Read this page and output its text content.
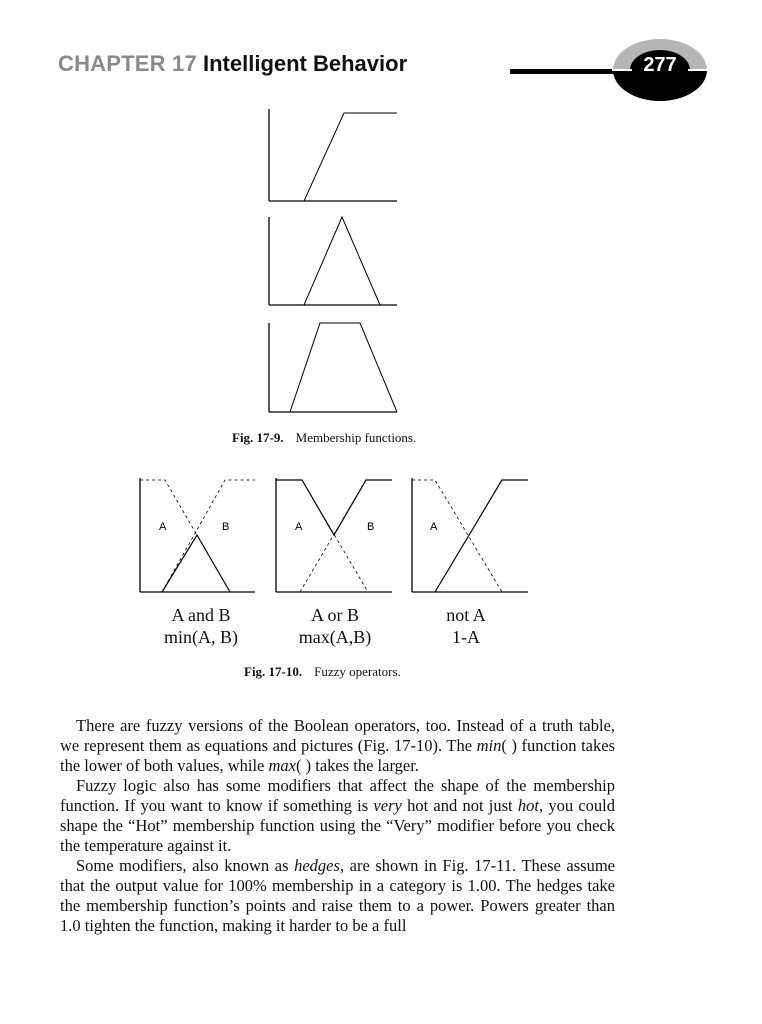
CHAPTER 17 Intelligent Behavior	277
Fig. 17-9. Membership functions.
A	B	A	B	A
A and B
min(A, B)
A or B
max(A,B)
not A
1-A
Fig. 17-10. Fuzzy operators.

There are fuzzy versions of the Boolean operators, too. Instead of a truth table, we represent them as equations and pictures (Fig. 17-10). The min( ) function takes the lower of both values, while max( ) takes the larger.

Fuzzy logic also has some modifiers that affect the shape of the membership function. If you want to know if something is very hot and not just hot, you could shape the “Hot” membership function using the “Very” modifier before you check the temperature against it.

Some modifiers, also known as hedges, are shown in Fig. 17-11. These assume that the output value for 100% membership in a category is 1.00. The hedges take the membership function’s points and raise them to a power. Powers greater than 1.0 tighten the function, making it harder to be a full
